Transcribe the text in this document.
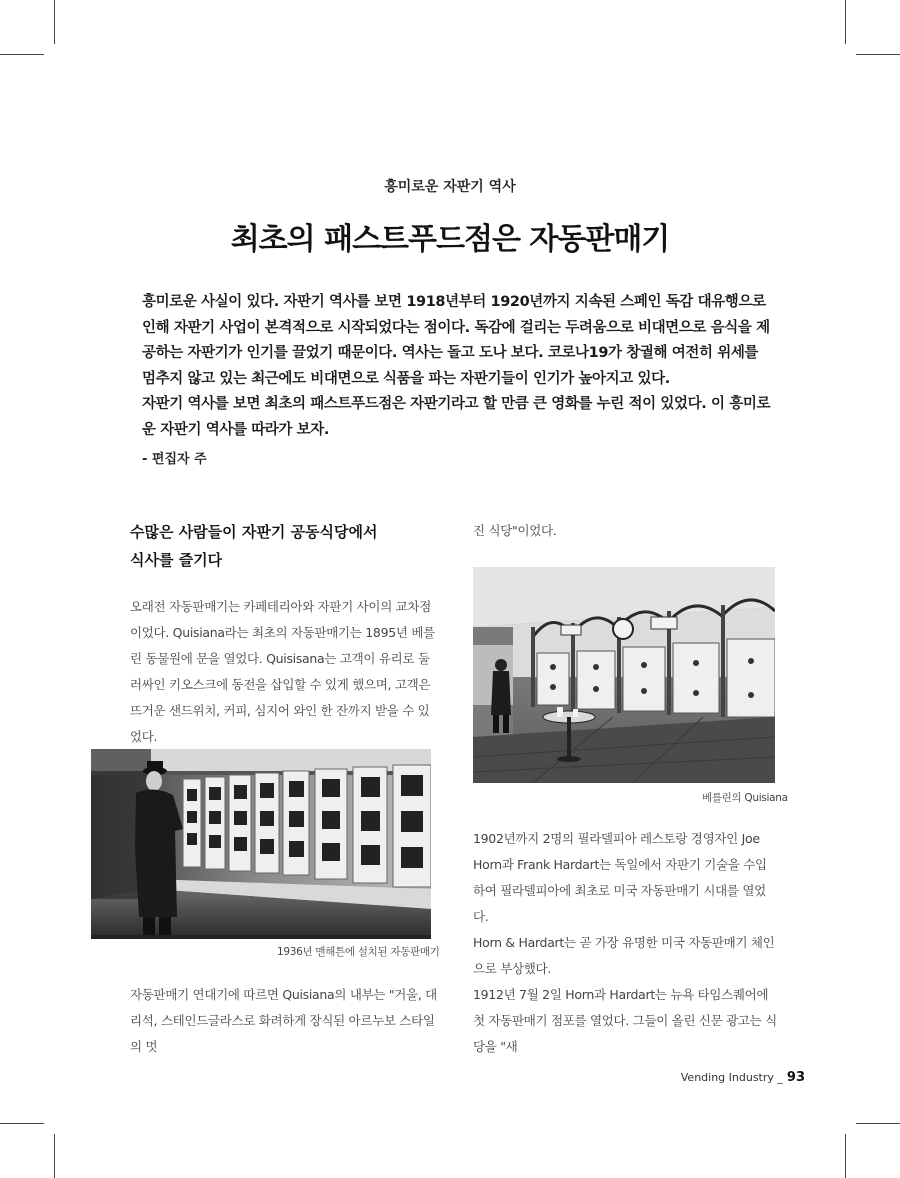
흥미로운 자판기 역사
최초의 패스트푸드점은 자동판매기

흥미로운 사실이 있다. 자판기 역사를 보면 1918년부터 1920년까지 지속된 스페인 독감 대유행으로 인해 자판기 사업이 본격적으로 시작되었다는 점이다. 독감에 걸리는 두려움으로 비대면으로 음식을 제공하는 자판기가 인기를 끌었기 때문이다. 역사는 돌고 도나 보다. 코로나19가 창궐해 여전히 위세를 멈추지 않고 있는 최근에도 비대면으로 식품을 파는 자판기들이 인기가 높아지고 있다.

자판기 역사를 보면 최초의 패스트푸드점은 자판기라고 할 만큼 큰 영화를 누린 적이 있었다. 이 흥미로운 자판기 역사를 따라가 보자.

- 편집자 주
수많은 사람들이 자판기 공동식당에서
식사를 즐기다

오래전 자동판매기는 카페테리아와 자판기 사이의 교차점이었다. Quisiana라는 최초의 자동판매기는 1895년 베를린 동물원에 문을 열었다. Quisisana는 고객이 유리로 둘러싸인 키오스크에 동전을 삽입할 수 있게 했으며, 고객은 뜨거운 샌드위치, 커피, 심지어 와인 한 잔까지 받을 수 있었다.

1936년 맨해튼에 설치된 자동판매기

자동판매기 연대기에 따르면 Quisiana의 내부는 "거울, 대리석, 스테인드글라스로 화려하게 장식된 아르누보 스타일의 멋

진 식당"이었다.

베를린의 Quisiana

1902년까지 2명의 필라델피아 레스토랑 경영자인 Joe Horn과 Frank Hardart는 독일에서 자판기 기술을 수입하여 필라델피아에 최초로 미국 자동판매기 시대를 열었다.

Horn & Hardart는 곧 가장 유명한 미국 자동판매기 체인으로 부상했다.

1912년 7월 2일 Horn과 Hardart는 뉴욕 타임스퀘어에 첫 자동판매기 점포를 열었다. 그들이 올린 신문 광고는 식당을 "새

Vending Industry _ 93
